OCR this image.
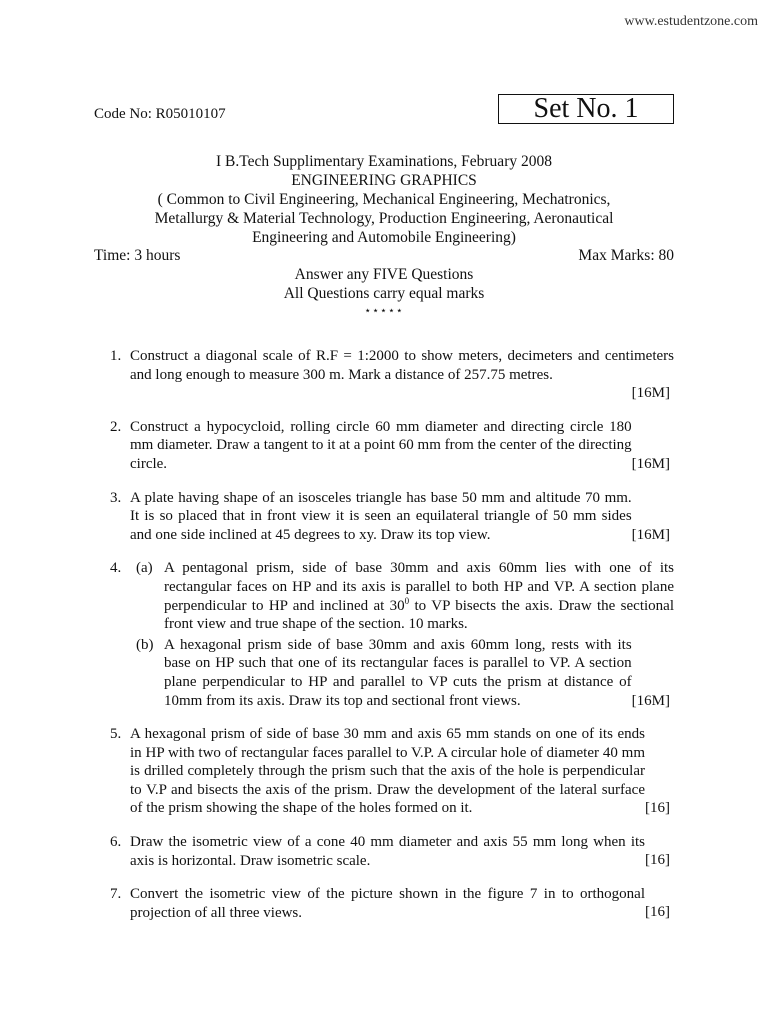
www.estudentzone.com
Code No: R05010107	Set No. 1
I B.Tech Supplimentary Examinations, February 2008
ENGINEERING GRAPHICS
( Common to Civil Engineering, Mechanical Engineering, Mechatronics,
Metallurgy & Material Technology, Production Engineering, Aeronautical
Engineering and Automobile Engineering)
Time: 3 hours	Max Marks: 80
Answer any FIVE Questions
All Questions carry equal marks
⋆⋆⋆⋆⋆
1. Construct a diagonal scale of R.F = 1:2000 to show meters, decimeters and centimeters and long enough to measure 300 m. Mark a distance of 257.75 metres.
[16M]
2.
[16M]
Construct a hypocycloid, rolling circle 60 mm diameter and directing circle 180 mm diameter. Draw a tangent to it at a point 60 mm from the center of the directing circle.
3.
[16M]
A plate having shape of an isosceles triangle has base 50 mm and altitude 70 mm. It is so placed that in front view it is seen an equilateral triangle of 50 mm sides and one side inclined at 45 degrees to xy. Draw its top view.
4. (a) A pentagonal prism, side of base 30mm and axis 60mm lies with one of its rectangular faces on HP and its axis is parallel to both HP and VP. A section plane perpendicular to HP and inclined at $30^0$ to VP bisects the axis. Draw the sectional front view and true shape of the section. 10 marks.
(b)
[16M]
A hexagonal prism side of base 30mm and axis 60mm long, rests with its base on HP such that one of its rectangular faces is parallel to VP. A section plane perpendicular to HP and parallel to VP cuts the prism at distance of 10mm from its axis. Draw its top and sectional front views.
5.
[16]
A hexagonal prism of side of base 30 mm and axis 65 mm stands on one of its ends in HP with two of rectangular faces parallel to V.P. A circular hole of diameter 40 mm is drilled completely through the prism such that the axis of the hole is perpendicular to V.P and bisects the axis of the prism. Draw the development of the lateral surface of the prism showing the shape of the holes formed on it.
6.
[16]
Draw the isometric view of a cone 40 mm diameter and axis 55 mm long when its axis is horizontal. Draw isometric scale.
7.
[16]
Convert the isometric view of the picture shown in the figure 7 in to orthogonal projection of all three views.
